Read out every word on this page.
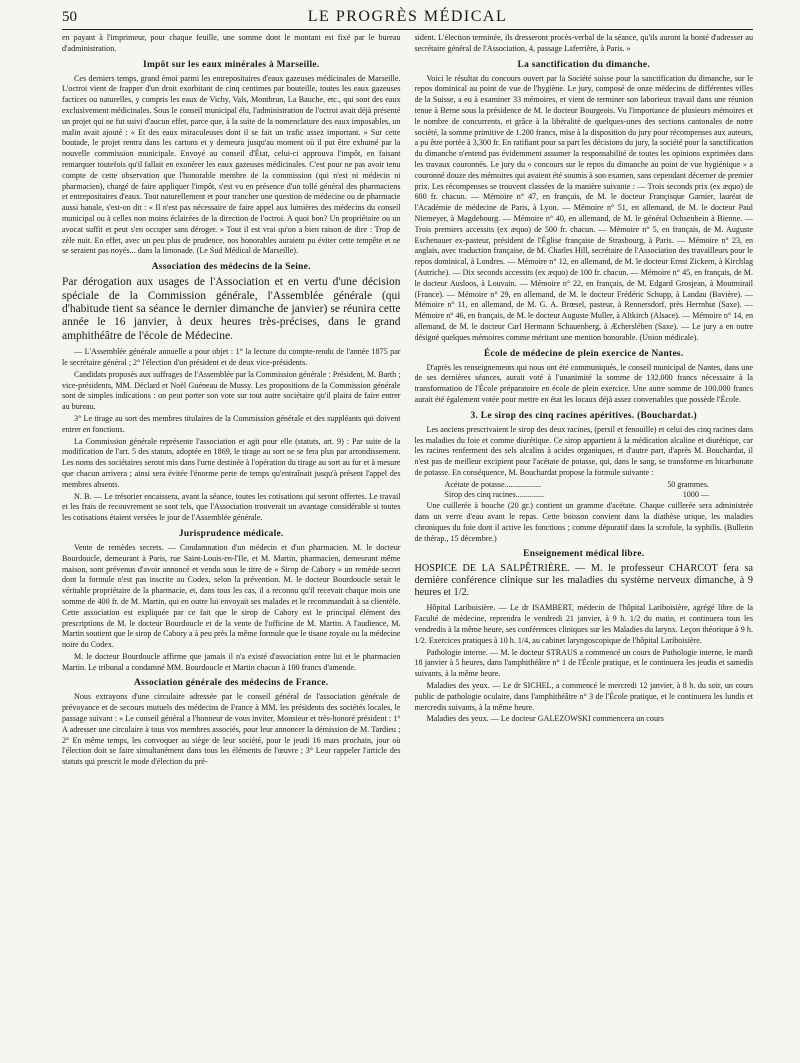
50	LE PROGRÈS MÉDICAL

en payant à l'imprimeur, pour chaque feuille, une somme dont le montant est fixé par le bureau d'administration.

Impôt sur les eaux minérales à Marseille.

Ces derniers temps, grand émoi parmi les entrepositaires d'eaux gazeuses médicinales de Marseille. L'octroi vient de frapper d'un droit exorbitant de cinq centimes par bouteille, toutes les eaux gazeuses factices ou naturelles, y compris les eaux de Vichy, Vals, Montbrun, La Bauche, etc., qui sont des eaux exclusivement médicinales. Sous le conseil municipal élu, l'administration de l'octroi avait déjà présenté un projet qui ne fut suivi d'aucun effet, parce que, à la suite de la nomenclature des eaux imposables, un malin avait ajouté : « Et des eaux miraculeuses dont il se fait un trafic assez important. » Sur cette boutade, le projet rentra dans les cartons et y demeura jusqu'au moment où il put être exhumé par la nouvelle commission municipale. Envoyé au conseil d'État, celui-ci approuva l'impôt, en faisant remarquer toutefois qu'il fallait en exonérer les eaux gazeuses médicinales. C'est pour ne pas avoir tenu compte de cette observation que l'honorable membre de la commission (qui n'est ni médecin ni pharmacien), chargé de faire appliquer l'impôt, s'est vu en présence d'un tollé général des pharmaciens et entrepositaires d'eaux. Tout naturellement et pour trancher une question de médecine ou de pharmacie aussi banale, s'est-on dit : « Il n'est pas nécessaire de faire appel aux lumières des médecins du conseil municipal ou à celles non moins éclairées de la direction de l'octroi. A quoi bon? Un propriétaire ou un avocat suffit et peut s'en occuper sans déroger. » Tout il est vrai qu'on a bien raison de dire : Trop de zèle nuit. En effet, avec un peu plus de prudence, nos honorables auraient pu éviter cette tempête et ne se seraient pas noyés... dans la limonade. (Le Sud Médical de Marseille).

Association des médecins de la Seine.

Par dérogation aux usages de l'Association et en vertu d'une décision spéciale de la Commission générale, l'Assemblée générale (qui d'habitude tient sa séance le dernier dimanche de janvier) se réunira cette année le 16 janvier, à deux heures très-précises, dans le grand amphithéâtre de l'école de Médecine.

— L'Assemblée générale annuelle a pour objet : 1° la lecture du compte-rendu de l'année 1875 par le secrétaire général ; 2° l'élection d'un président et de deux vice-présidents.

Candidats proposés aux suffrages de l'Assemblée par la Commission générale : Président, M. Barth ; vice-présidents, MM. Déclard et Noël Guéneau de Mussy. Les propositions de la Commission générale sont de simples indications : on peut porter son vote sur tout autre sociétaire qu'il plaira de faire entrer au bureau.

3° Le tirage au sort des membres titulaires de la Commission générale et des suppléants qui doivent entrer en fonctions.

La Commission générale représente l'association et agit pour elle (statuts, art. 9) : Par suite de la modification de l'art. 5 des statuts, adoptée en 1869, le tirage au sort ne se fera plus par arrondissement. Les noms des sociétaires seront mis dans l'urne destinée à l'opération du tirage au sort au fur et à mesure que chacun arrivera ; ainsi sera évitée l'énorme perte de temps qu'entraînait jusqu'à présent l'appel des membres absents.

N. B. — Le trésorier encaissera, avant la séance, toutes les cotisations qui seront offertes. Le travail et les frais de recouvrement se sont tels, que l'Association trouverait un avantage considérable si toutes les cotisations étaient versées le jour de l'Assemblée générale.

Jurisprudence médicale.

Vente de remèdes secrets. — Condamnation d'un médecin et d'un pharmacien. M. le docteur Bourdoucle, demeurant à Paris, rue Saint-Louis-en-l'Ile, et M. Martin, pharmacien, demeurant même maison, sont prévenus d'avoir annoncé et vendu sous le titre de « Sirop de Cabory » un remède secret dont la formule n'est pas inscrite au Codex, selon la prévention. M. le docteur Bourdoucle serait le véritable propriétaire de la pharmacie, et, dans tous les cas, il a reconnu qu'il recevait chaque mois une somme de 400 fr. de M. Martin, qui en outre lui envoyait ses malades et le recommandait à sa clientèle. Cette association est expliquée par ce fait que le sirop de Cabory est le principal élément des prescriptions de M. le docteur Bourdoucle et de la vente de l'officine de M. Martin. A l'audience, M. Martin soutient que le sirop de Cabory a à peu près la même formule que le tisane royale ou la médecine noire du Codex.

M. le docteur Bourdoucle affirme que jamais il n'a existé d'association entre lui et le pharmacien Martin. Le tribunal a condamné MM. Bourdoucle et Martin chacun à 100 francs d'amende.

Association générale des médecins de France.

Nous extrayons d'une circulaire adressée par le conseil général de l'association générale de prévoyance et de secours mutuels des médecins de France à MM. les présidents des sociétés locales, le passage suivant : « Le conseil général a l'honneur de vous inviter, Monsieur et très-honoré président : 1° A adresser une circulaire à tous vos membres associés, pour leur annoncer la démission de M. Tardieu ; 2° En même temps, les convoquer au siège de leur société, pour le jeudi 16 mars prochain, jour où l'élection doit se faire simultanément dans tous les éléments de l'œuvre ; 3° Leur rappeler l'article des statuts qui prescrit le mode d'élection du pré-

sident. L'élection terminée, ils dresseront procès-verbal de la séance, qu'ils auront la bonté d'adresser au secrétaire général de l'Association, 4, passage Laferrière, à Paris. »

La sanctification du dimanche.

Voici le résultat du concours ouvert par la Société suisse pour la sanctification du dimanche, sur le repos dominical au point de vue de l'hygiène. Le jury, composé de onze médecins de différentes villes de la Suisse, a eu à examiner 33 mémoires, et vient de terminer son laborieux travail dans une réunion tenue à Berne sous la présidence de M. le docteur Bourgeois. Vu l'importance de plusieurs mémoires et le nombre de concurrents, et grâce à la libéralité de quelques-unes des sections cantonales de notre société, la somme primitive de 1.200 francs, mise à la disposition du jury pour récompenses aux auteurs, a pu être portée à 3,300 fr. En ratifiant pour sa part les décisions du jury, la société pour la sanctification du dimanche n'entend pas évidemment assumer la responsabilité de toutes les opinions exprimées dans les travaux couronnés. Le jury du « concours sur le repos du dimanche au point de vue hygiénique » a couronné douze des mémoires qui avaient été soumis à son examen, sans cependant décerner de premier prix. Les récompenses se trouvent classées de la manière suivante : — Trois seconds prix (ex æquo) de 600 fr. chacun. — Mémoire n° 47, en français, de M. le docteur Françisque Garnier, lauréat de l'Académie de médecine de Paris, à Lyon. — Mémoire n° 51, en allemand, de M. le docteur Paul Niemeyer, à Magdebourg. — Mémoire n° 40, en allemand, de M. le général Ochsenbein à Bienne. — Trois premiers accessits (ex æquo) de 500 fr. chacun. — Mémoire n° 5, en français, de M. Auguste Eschenauer ex-pasteur, président de l'Église française de Strasbourg, à Paris. — Mémoire n° 23, en anglais, avec traduction française, de M. Charles Hill, secrétaire de l'Association des travailleurs pour le repos dominical, à Londres. — Mémoire n° 12, en allemand, de M. le docteur Ernst Zickern, à Kirchlag (Autriche). — Dix seconds accessits (ex æquo) de 100 fr. chacun. — Mémoire n° 45, en français, de M. le docteur Ausloos, à Louvain. — Mémoire n° 22, en français, de M. Edgard Grosjean, à Moutmirail (France). — Mémoire n° 29, en allemand, de M. le docteur Frédéric Schupp, à Landau (Bavière). — Mémoire n° 11, en allemand, de M. G. A. Brœsel, pasteur, à Rennersdorf, près Herrnhut (Saxe). — Mémoire n° 46, en français, de M. le docteur Auguste Muller, à Altkirch (Alsace). — Mémoire n° 14, en allemand, de M. le docteur Carl Hermann Schauenberg, à Æcherslében (Saxe). — Le jury a en outre désigné quelques mémoires comme méritant une mention honorable. (Union médicale).

École de médecine de plein exercice de Nantes.

D'après les renseignements qui nous ont été communiqués, le conseil municipal de Nantes, dans une de ses dernières séances, aurait voté à l'unanimité la somme de 132.000 francs nécessaire à la transformation de l'École préparatoire en école de plein exercice. Une autre somme de 100.000 francs aurait été également votée pour mettre en état les locaux déjà assez convenables que possède l'École.

3. Le sirop des cinq racines apéritives. (Bouchardat.)

Les anciens prescrivaient le sirop des deux racines, (persil et fenouille) et celui des cinq racines dans les maladies du foie et comme diurétique. Ce sirop appartient à la médication alcaline et diurétique, car les racines renferment des sels alcalins à acides organiques, et d'autre part, d'après M. Bouchardat, il n'est pas de meilleur excipient pour l'acétate de potasse, qui, dans le sang, se transforme en bicarbonate de potasse. En conséquence, M. Bouchardat propose la formule suivante :

Acétate de potasse..................	50 grammes.
Sirop des cinq racines..............	1000 —

Une cuillerée à bouche (20 gr.) contient un gramme d'acétate. Chaque cuillerée sera administrée dans un verre d'eau avant le repas. Cette boisson convient dans la diathèse urique, les maladies chroniques du foie dont il active les fonctions ; comme dépuratif dans la scrofule, la syphilis. (Bulletin de thérap., 15 décembre.)

Enseignement médical libre.

HOSPICE DE LA SALPÊTRIÈRE. — M. le professeur CHARCOT fera sa dernière conférence clinique sur les maladies du système nerveux dimanche, à 9 heures et 1/2.

Hôpital Lariboisière. — Le dr ISAMBERT, médecin de l'hôpital Lariboisière, agrégé libre de la Faculté de médecine, reprendra le vendredi 21 janvier, à 9 h. 1/2 du matin, et continuera tous les vendredis à la même heure, ses conférences cliniques sur les Maladies du larynx. Leçon théorique à 9 h. 1/2. Exercices pratiques à 10 h. 1/4, au cabinet laryngoscopique de l'hôpital Lariboisière.

Pathologie interne. — M. le docteur STRAUS a commencé un cours de Pathologie interne, le mardi 18 janvier à 5 heures, dans l'amphithéâtre n° 1 de l'École pratique, et le continuera les jeudis et samedis suivants, à la même heure.

Maladies des yeux. — Le dr SICHEL, a commencé le mercredi 12 janvier, à 8 h. du soir, un cours public de pathologie oculaire, dans l'amphithéâtre n° 3 de l'École pratique, et le continuera les lundis et mercredis suivants, à la même heure.

Maladies des yeux. — Le docteur GALEZOWSKI commencera un cours
